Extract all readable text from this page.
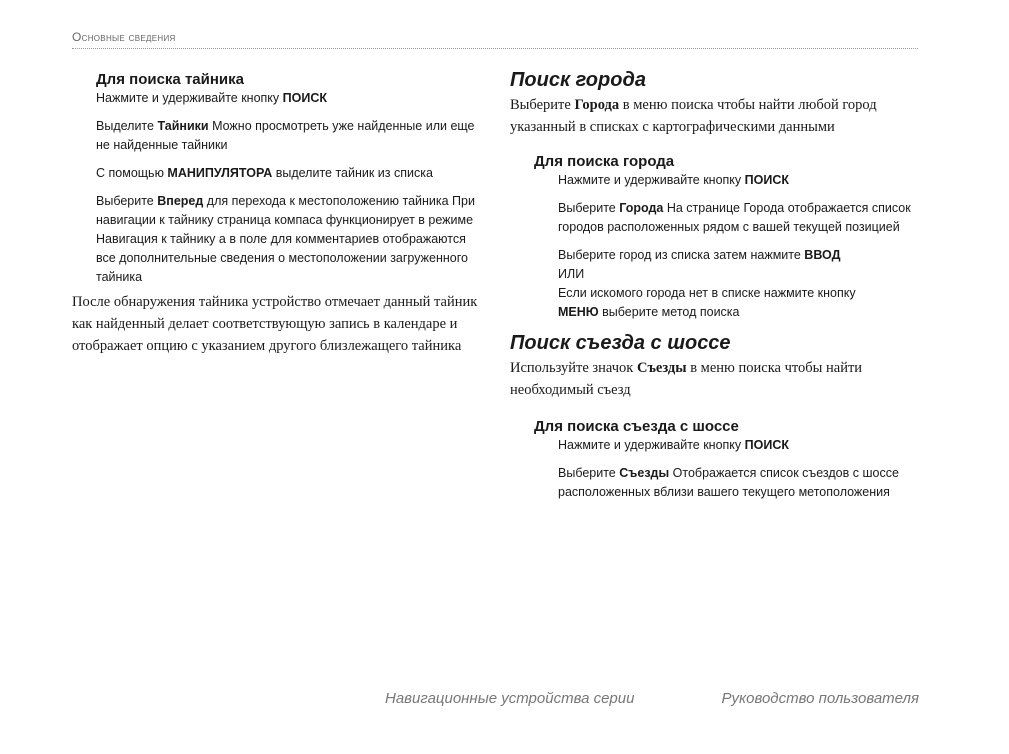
Основные сведения
Для поиска тайника
Нажмите и удерживайте кнопку ПОИСК
Выделите Тайники Можно просмотреть уже найденные или еще не найденные тайники
С помощью МАНИПУЛЯТОРА выделите тайник из списка
Выберите Вперед для перехода к местоположению тайника При навигации к тайнику страница компаса функционирует в режиме Навигация к тайнику а в поле для комментариев отображаются все дополнительные сведения о местоположении загруженного тайника

После обнаружения тайника устройство отмечает данный тайник как найденный делает соответствующую запись в календаре и отображает опцию с указанием другого близлежащего тайника

Поиск города

Выберите Города в меню поиска чтобы найти любой город указанный в списках с картографическими данными

Для поиска города
Нажмите и удерживайте кнопку ПОИСК
Выберите Города На странице Города отображается список городов расположенных рядом с вашей текущей позицией
Выберите город из списка затем нажмите ВВОД
ИЛИ
Если искомого города нет в списке нажмите кнопку
МЕНЮ выберите метод поиска
Поиск съезда с шоссе

Используйте значок Съезды в меню поиска чтобы найти необходимый съезд

Для поиска съезда с шоссе
Нажмите и удерживайте кнопку ПОИСК
Выберите Съезды Отображается список съездов с шоссе расположенных вблизи вашего текущего метоположения
Навигационные устройства серии	Руководство пользователя
